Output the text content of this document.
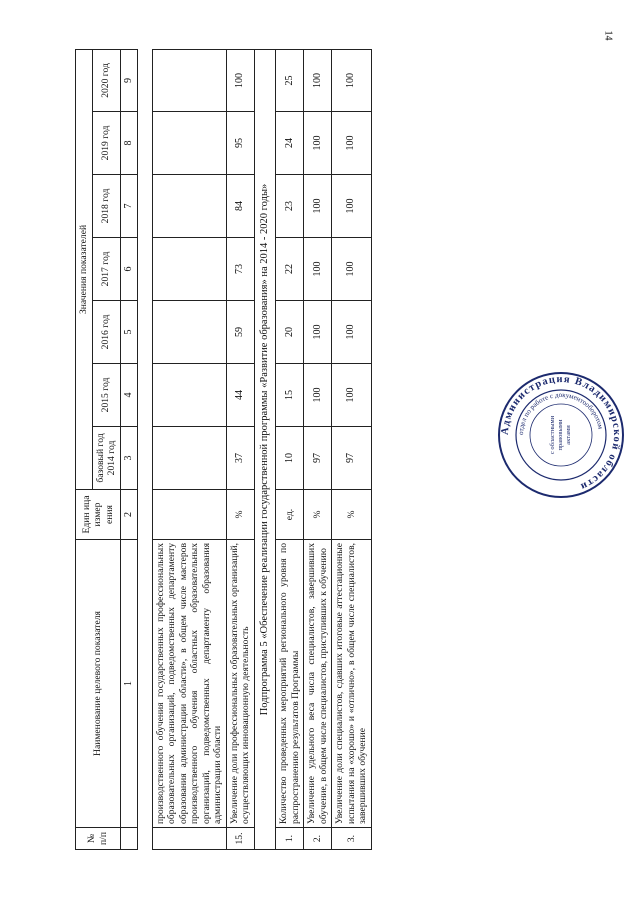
14
№ п/п	Наименование целевого показателя	Един ица измер ения	Значения показателей						
			базовый год 2014 год	2015 год	2016 год	2017 год	2018 год	2019 год	2020 год
	1	2	3	4	5	6	7	8	9
	производственного обучения государственных профессиональных образовательных организаций, подведомственных департаменту образования администрации области», в общем числе мастеров производственного обучения областных образовательных организаций, подведомственных департаменту образования администрации области								
15.	Увеличение доли профессиональных образовательных организаций, осуществляющих инновационную деятельность	%	37	44	59	73	84	95	100
Подпрограмма 5 «Обеспечение реализации государственной программы «Развитие образования» на 2014 - 2020 годы»									
1.	Количество проведенных мероприятий регионального уровня по распространению результатов Программы	ед.	10	15	20	22	23	24	25
2.	Увеличение удельного веса числа специалистов, завершивших обучение, в общем числе специалистов, приступивших к обучению	%	97	100	100	100	100	100	100
3.	Увеличение доли специалистов, сдавших итоговые аттестационные испытания на «хорошо» и «отлично», в общем числе специалистов, завершивших обучение	%	97	100	100	100	100	100	100
Администрация Владимирской области
отдел по работе с документооборотом
с областнымиправовымиактами
